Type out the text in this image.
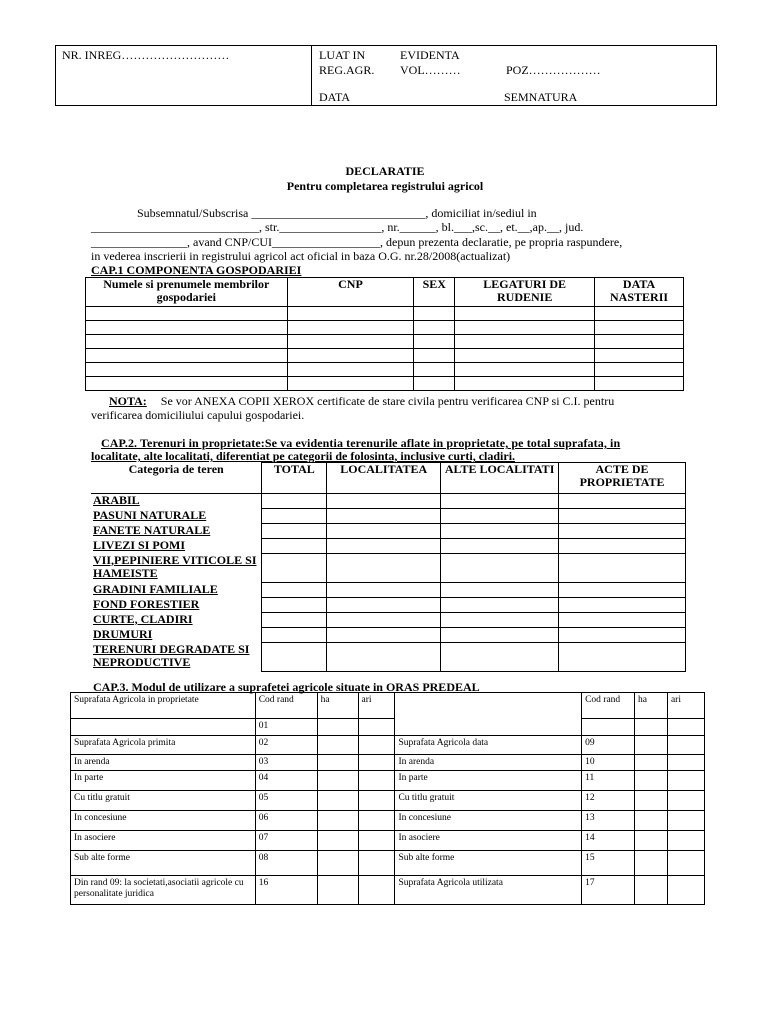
NR. INREG………………………	LUAT IN	EVIDENTA
REG.AGR. VOL………	POZ………………
DATA	SEMNATURA
DECLARATIE
Pentru completarea registrului agricol
Subsemnatul/Subscrisa _____________________________, domiciliat in/sediul in
____________________________, str._________________, nr.______, bl.___,sc.__, et.__,ap.__, jud.
________________, avand CNP/CUI__________________, depun prezenta declaratie, pe propria raspundere,
in vederea inscrierii in registrului agricol act oficial in baza O.G. nr.28/2008(actualizat)
CAP.1 COMPONENTA GOSPODARIEI
Numele si prenumele membrilor gospodariei	CNP	SEX	LEGATURI DE RUDENIE	DATA NASTERII

NOTA: Se vor ANEXA COPII XEROX certificate de stare civila pentru verificarea CNP si C.I. pentru
verificarea domiciliului capului gospodariei.
CAP.2. Terenuri in proprietate:Se va evidentia terenurile aflate in proprietate, pe total suprafata, in
localitate, alte localitati, diferentiat pe categorii de folosinta, inclusive curti, cladiri.
Categoria de teren	TOTAL	LOCALITATEA	ALTE LOCALITATI	ACTE DE PROPRIETATE
ARABIL				
PASUNI NATURALE				
FANETE NATURALE				
LIVEZI SI POMI				
VII,PEPINIERE VITICOLE SI HAMEISTE				
GRADINI FAMILIALE				
FOND FORESTIER				
CURTE, CLADIRI				
DRUMURI				
TERENURI DEGRADATE SI NEPRODUCTIVE				
CAP.3. Modul de utilizare a suprafetei agricole situate in ORAS PREDEAL
Suprafata Agricola in proprietate	Cod rand	ha	ari		Cod rand	ha	ari
	01						
Suprafata Agricola primita	02			Suprafata Agricola data	09		
In arenda	03			In arenda	10		
In parte	04			In parte	11		
Cu titlu gratuit	05			Cu titlu gratuit	12		
In concesiune	06			In concesiune	13		
In asociere	07			In asociere	14		
Sub alte forme	08			Sub alte forme	15		
Din rand 09: la societati,asociatii agricole cu personalitate juridica	16			Suprafata Agricola utilizata	17		
